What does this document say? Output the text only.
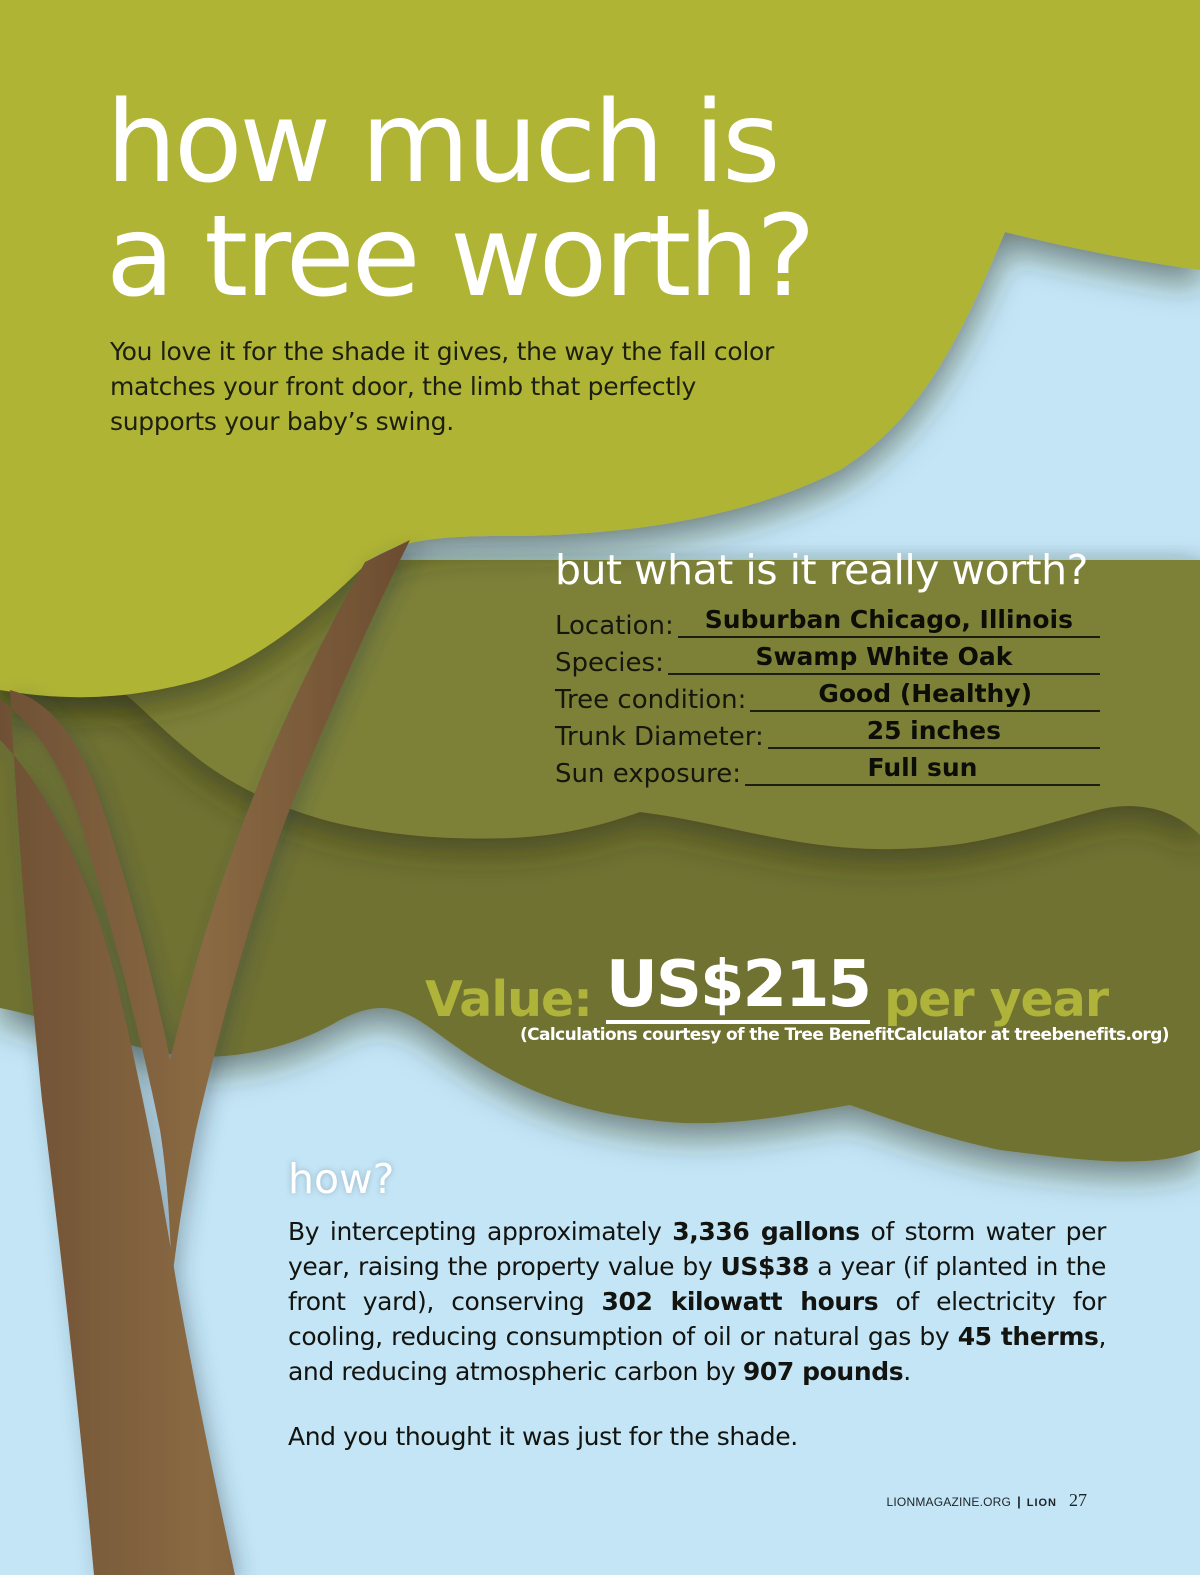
how much is
a tree worth?

You love it for the shade it gives, the way the fall color matches your front door, the limb that perfectly supports your baby’s swing.

but what is it really worth?
Location:	Suburban Chicago, Illinois
Species:	Swamp White Oak
Tree condition:	Good (Healthy)
Trunk Diameter:	25 inches
Sun exposure:	Full sun
Value: US$215 per year
(Calculations courtesy of the Tree BenefitCalculator at treebenefits.org)
how?

By intercepting approximately 3,336 gallons of storm water per year, raising the property value by US$38 a year (if planted in the front yard), conserving 302 kilowatt hours of electricity for cooling, reducing consumption of oil or natural gas by 45 therms, and reducing atmospheric carbon by 907 pounds.

And you thought it was just for the shade.

LIONMAGAZINE.ORG | LION 27
